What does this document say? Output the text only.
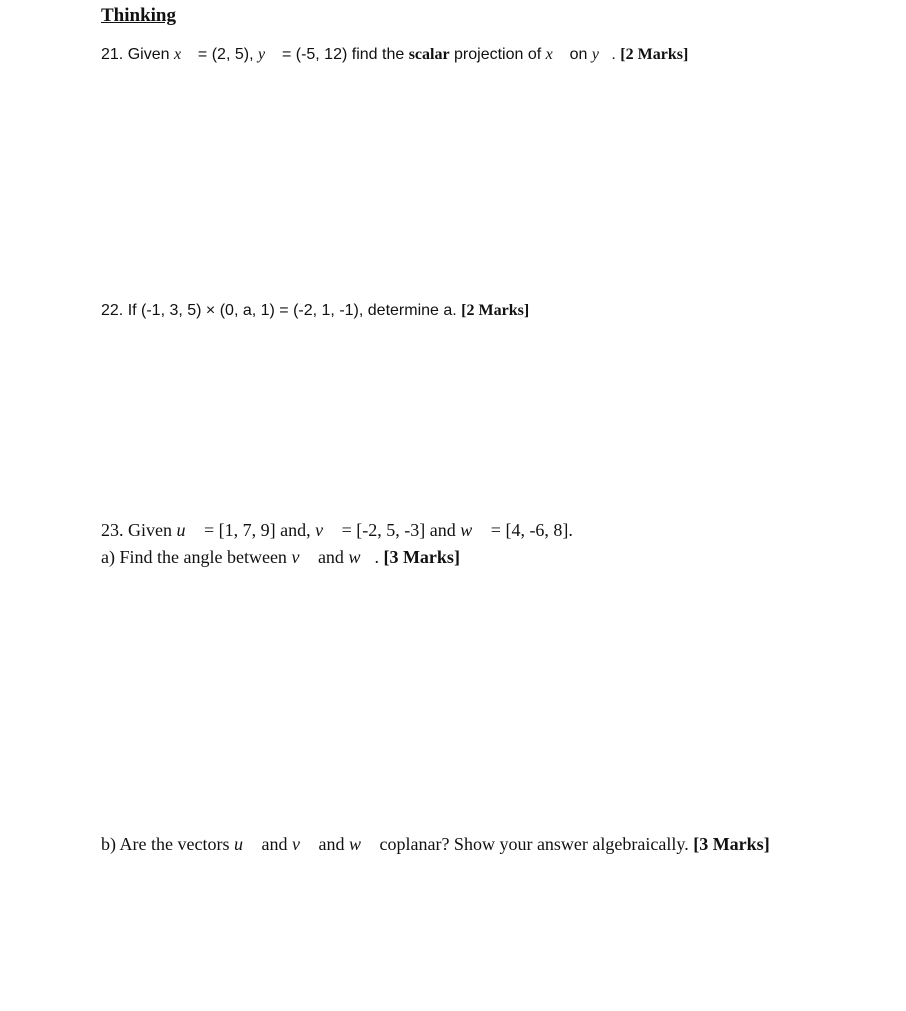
Thinking
21. Given x⃗ = (2, 5), y⃗ = (-5, 12) find the scalar projection of x⃗ on y⃗. [2 Marks]
22. If (-1, 3, 5) × (0, a, 1) = (-2, 1, -1), determine a. [2 Marks]
23. Given u⃗ = [1, 7, 9] and, v⃗ = [-2, 5, -3] and w⃗ = [4, -6, 8].
a) Find the angle between v⃗ and w⃗. [3 Marks]
b) Are the vectors u⃗ and v⃗ and w⃗ coplanar? Show your answer algebraically. [3 Marks]
